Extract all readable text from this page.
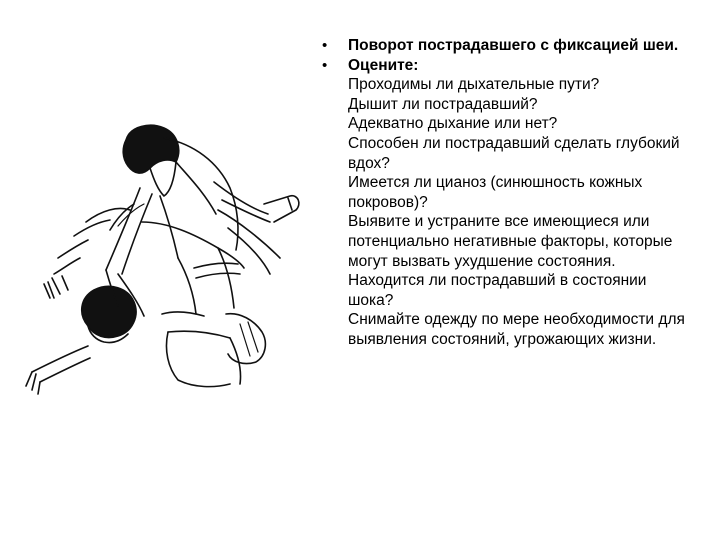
•	Поворот пострадавшего с фиксацией шеи.
•	Оцените:
Проходимы ли дыхательные пути?
Дышит ли пострадавший?
Адекватно дыхание или нет?
Способен ли пострадавший сделать глубокий вдох?
Имеется ли цианоз (синюшность кожных покровов)?
Выявите и устраните все имеющиеся или потенциально негативные факторы, которые могут вызвать ухудшение состояния.
Находится ли пострадавший в состоянии шока?
Снимайте одежду по мере необходимости для выявления состояний, угрожающих жизни.
